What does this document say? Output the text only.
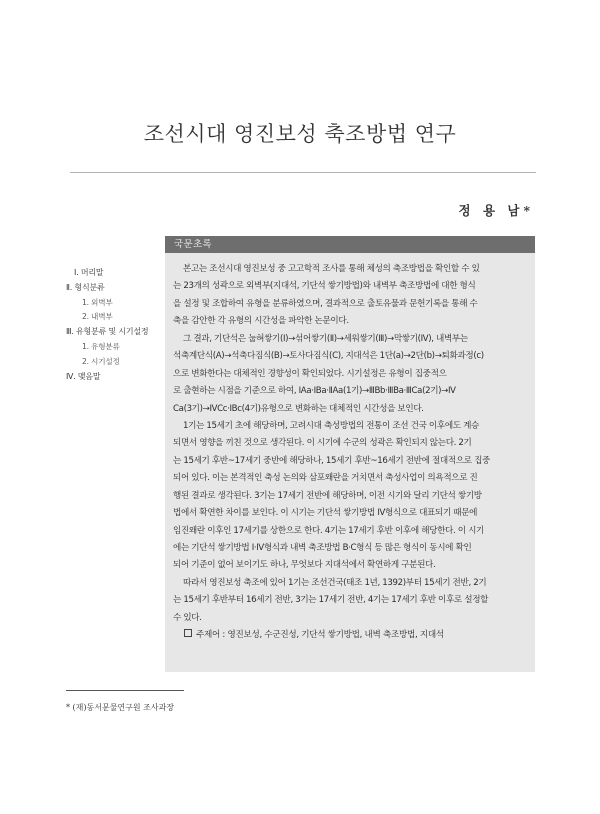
조선시대 영진보성 축조방법 연구
정 용 남*
Ⅰ. 머리말
Ⅱ. 형식분류
1. 외벽부
2. 내벽부
Ⅲ. 유형분류 및 시기설정
1. 유형분류
2. 시기설정
Ⅳ. 맺음말
국문초록
본고는 조선시대 영진보성 중 고고학적 조사를 통해 체성의 축조방법을 확인할 수 있
는 23개의 성곽으로 외벽부(지대석, 기단석 쌓기방법)와 내벽부 축조방법에 대한 형식
을 설정 및 조합하여 유형을 분류하였으며, 결과적으로 출토유물과 문헌기록을 통해 수
축을 감안한 각 유형의 시간성을 파악한 논문이다.
그 결과, 기단석은 눕혀쌓기(Ⅰ)→섞어쌓기(Ⅱ)→세워쌓기(Ⅲ)→막쌓기(Ⅳ), 내벽부는
석축계단식(A)→석축다짐식(B)→토사다짐식(C), 지대석은 1단(a)→2단(b)→퇴화과정(c)
으로 변화한다는 대체적인 경향성이 확인되었다. 시기설정은 유형이 집중적으
로 출현하는 시점을 기준으로 하여, ⅠAa·ⅠBa·ⅡAa(1기)→ⅢBb·ⅢBa·ⅢCa(2기)→Ⅳ
Ca(3기)→ⅣCc·ⅠBc(4기)유형으로 변화하는 대체적인 시간성을 보인다.
1기는 15세기 초에 해당하며, 고려시대 축성방법의 전통이 조선 건국 이후에도 계승
되면서 영향을 끼친 것으로 생각된다. 이 시기에 수군의 성곽은 확인되지 않는다. 2기
는 15세기 후반~17세기 중반에 해당하나, 15세기 후반~16세기 전반에 절대적으로 집중
되어 있다. 이는 본격적인 축성 논의와 삼포왜란을 거치면서 축성사업이 의욕적으로 진
행된 결과로 생각된다. 3기는 17세기 전반에 해당하며, 이전 시기와 달리 기단석 쌓기방
법에서 확연한 차이를 보인다. 이 시기는 기단석 쌓기방법 Ⅳ형식으로 대표되기 때문에
임진왜란 이후인 17세기를 상한으로 한다. 4기는 17세기 후반 이후에 해당한다. 이 시기
에는 기단석 쌓기방법 Ⅰ·Ⅳ형식과 내벽 축조방법 B·C형식 등 많은 형식이 동시에 확인
되어 기준이 없어 보이기도 하나, 무엇보다 지대석에서 확연하게 구분된다.
따라서 영진보성 축조에 있어 1기는 조선건국(태조 1년, 1392)부터 15세기 전반, 2기
는 15세기 후반부터 16세기 전반, 3기는 17세기 전반, 4기는 17세기 후반 이후로 설정할
수 있다.
주제어 : 영진보성, 수군진성, 기단석 쌓기방법, 내벽 축조방법, 지대석
* (재)동서문물연구원 조사과장
